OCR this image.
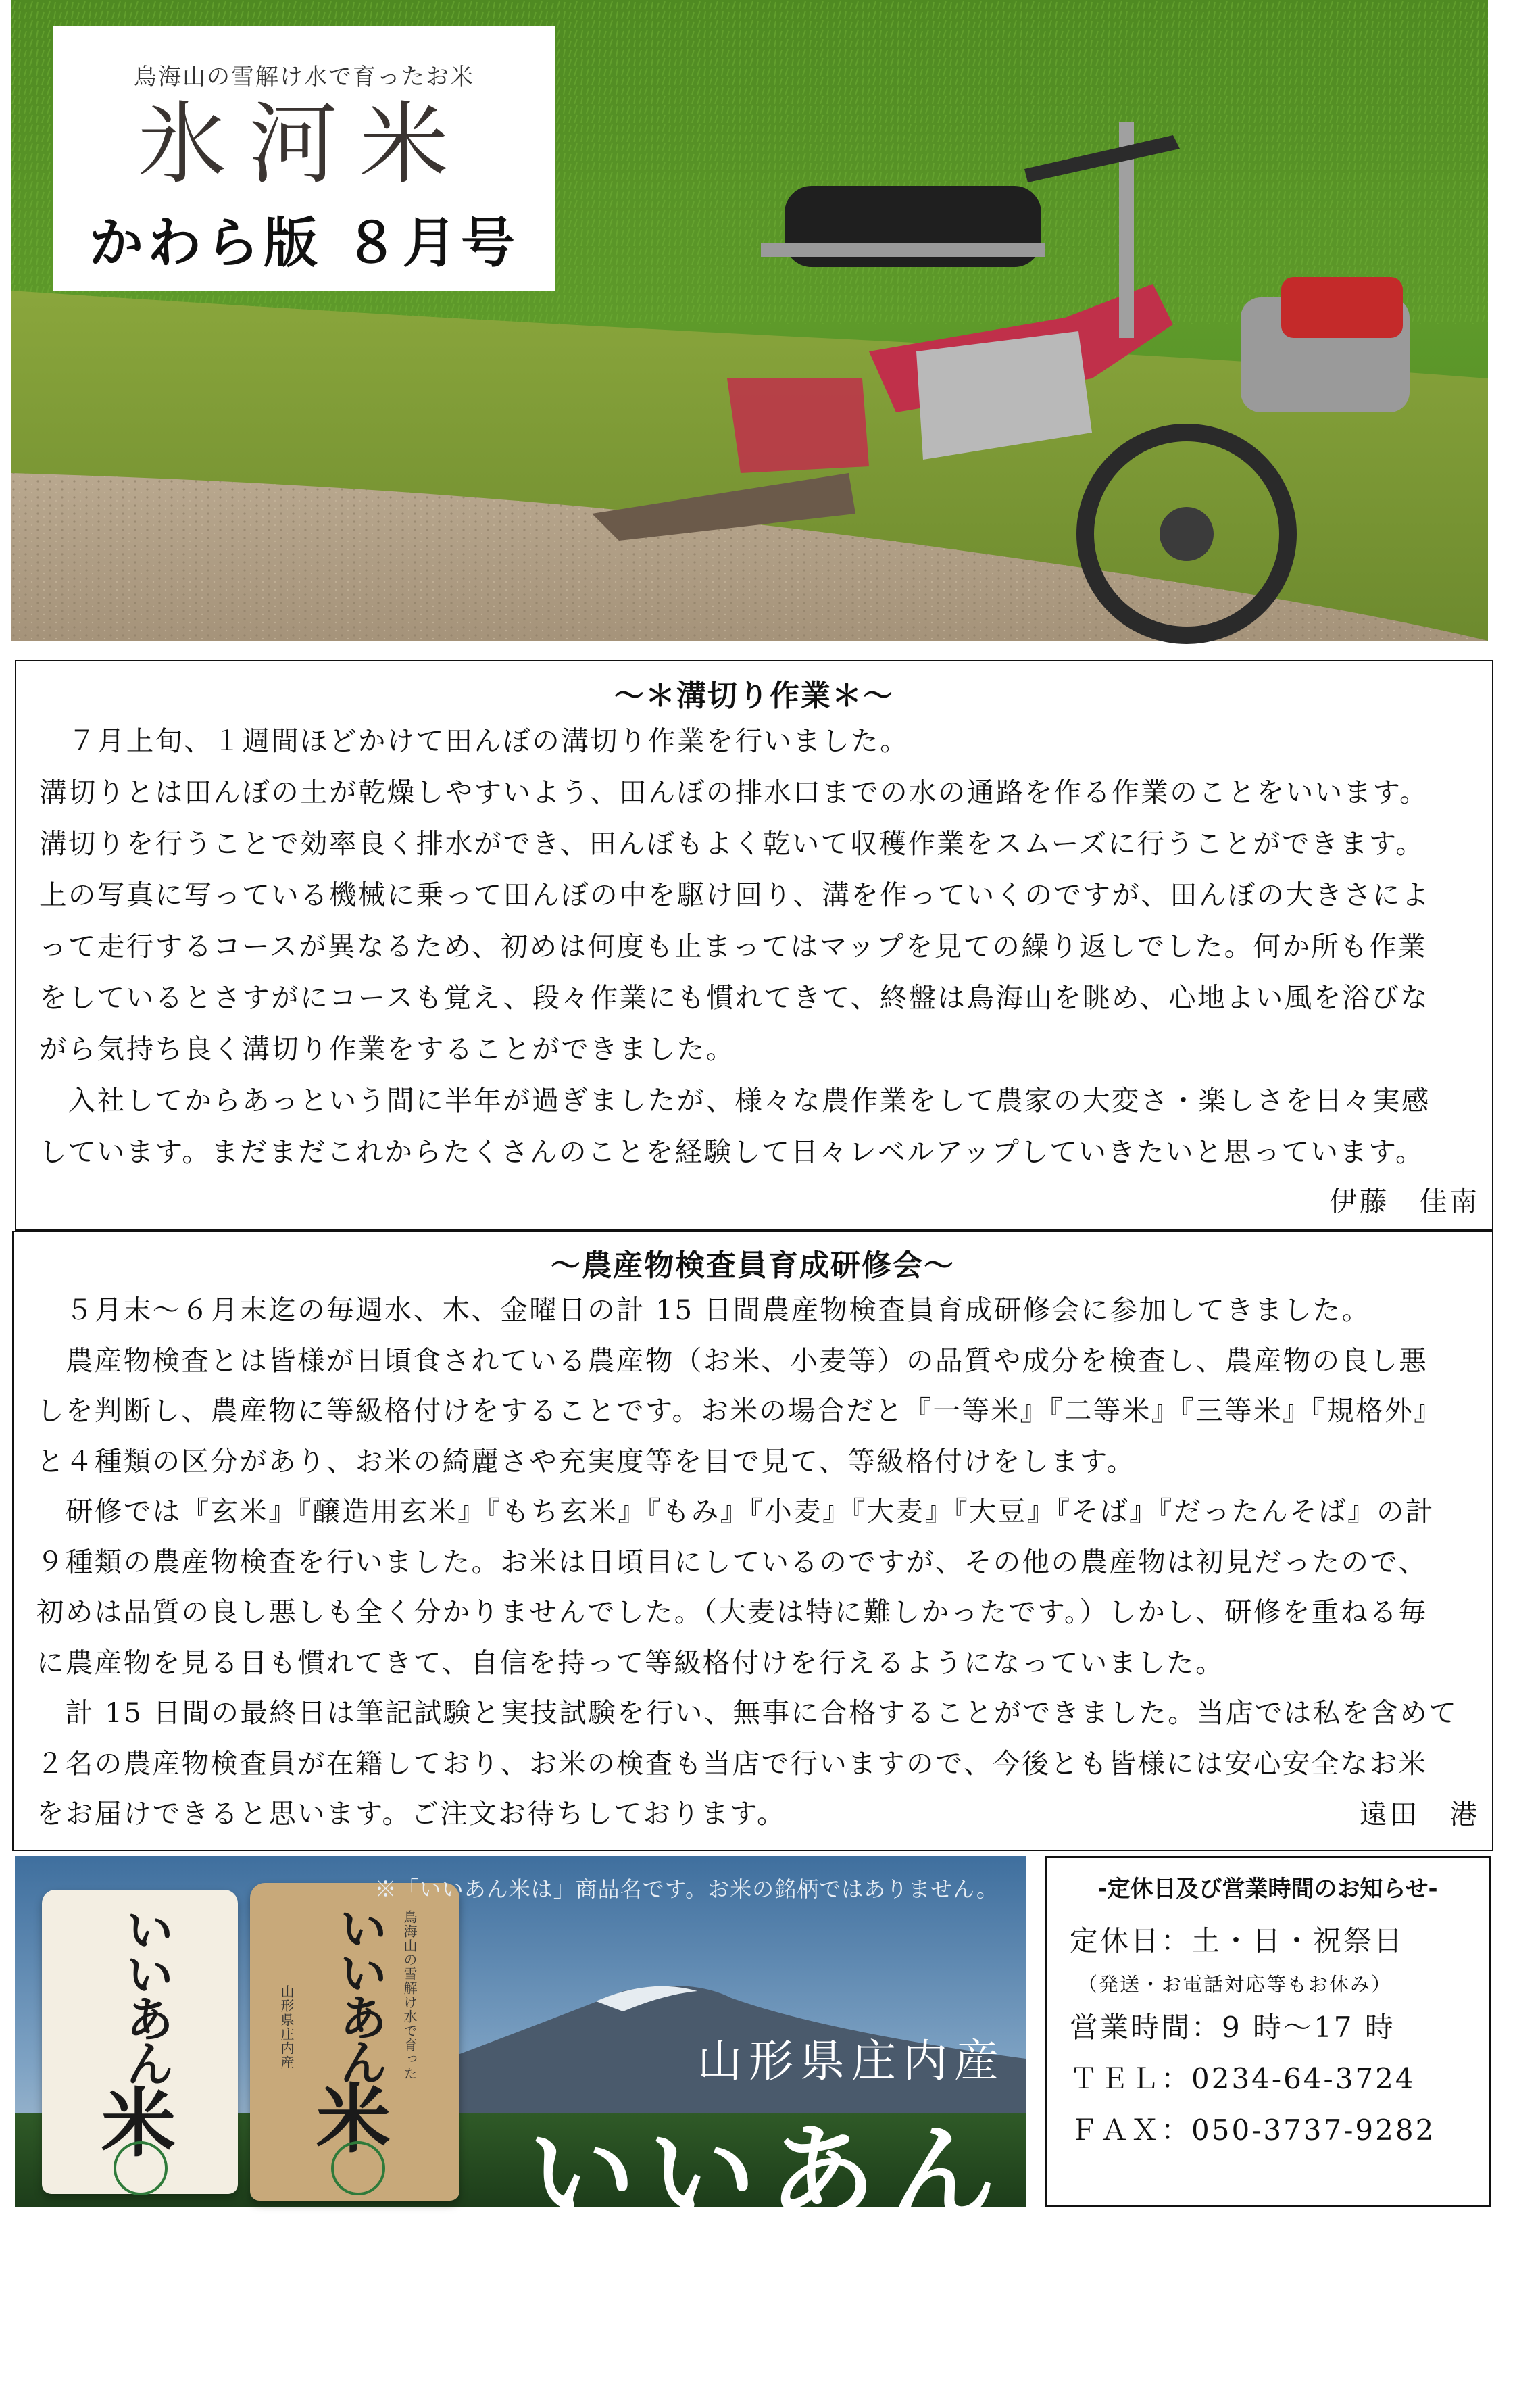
鳥海山の雪解け水で育ったお米
氷河米
かわら版 ８月号
～＊溝切り作業＊～

　７月上旬、１週間ほどかけて田んぼの溝切り作業を行いました。

溝切りとは田んぼの土が乾燥しやすいよう、田んぼの排水口までの水の通路を作る作業のことをいいます。

溝切りを行うことで効率良く排水ができ、田んぼもよく乾いて収穫作業をスムーズに行うことができます。

上の写真に写っている機械に乗って田んぼの中を駆け回り、溝を作っていくのですが、田んぼの大きさによ

って走行するコースが異なるため、初めは何度も止まってはマップを見ての繰り返しでした。何か所も作業

をしているとさすがにコースも覚え、段々作業にも慣れてきて、終盤は鳥海山を眺め、心地よい風を浴びな

がら気持ち良く溝切り作業をすることができました。

　入社してからあっという間に半年が過ぎましたが、様々な農作業をして農家の大変さ・楽しさを日々実感

しています。まだまだこれからたくさんのことを経験して日々レベルアップしていきたいと思っています。

伊藤　佳南
～農産物検査員育成研修会～

　５月末～６月末迄の毎週水、木、金曜日の計 15 日間農産物検査員育成研修会に参加してきました。

　農産物検査とは皆様が日頃食されている農産物（お米、小麦等）の品質や成分を検査し、農産物の良し悪

しを判断し、農産物に等級格付けをすることです。お米の場合だと『一等米』『二等米』『三等米』『規格外』

と４種類の区分があり、お米の綺麗さや充実度等を目で見て、等級格付けをします。

　研修では『玄米』『醸造用玄米』『もち玄米』『もみ』『小麦』『大麦』『大豆』『そば』『だったんそば』の計

９種類の農産物検査を行いました。お米は日頃目にしているのですが、その他の農産物は初見だったので、

初めは品質の良し悪しも全く分かりませんでした。（大麦は特に難しかったです。）しかし、研修を重ねる毎

に農産物を見る目も慣れてきて、自信を持って等級格付けを行えるようになっていました。

　計 15 日間の最終日は筆記試験と実技試験を行い、無事に合格することができました。当店では私を含めて

２名の農産物検査員が在籍しており、お米の検査も当店で行いますので、今後とも皆様には安心安全なお米

をお届けできると思います。ご注文お待ちしております。	遠田　港
いいあん
米
いいあん
米
鳥海山の雪解け水で育った
山形県庄内産
※「いいあん米は」商品名です。お米の銘柄ではありません。
山形県庄内産
いいあん米
-定休日及び営業時間のお知らせ-
定休日：土・日・祝祭日
（発送・お電話対応等もお休み）
営業時間：9 時～17 時
ＴＥＬ：0234-64-3724
ＦＡＸ：050-3737-9282
